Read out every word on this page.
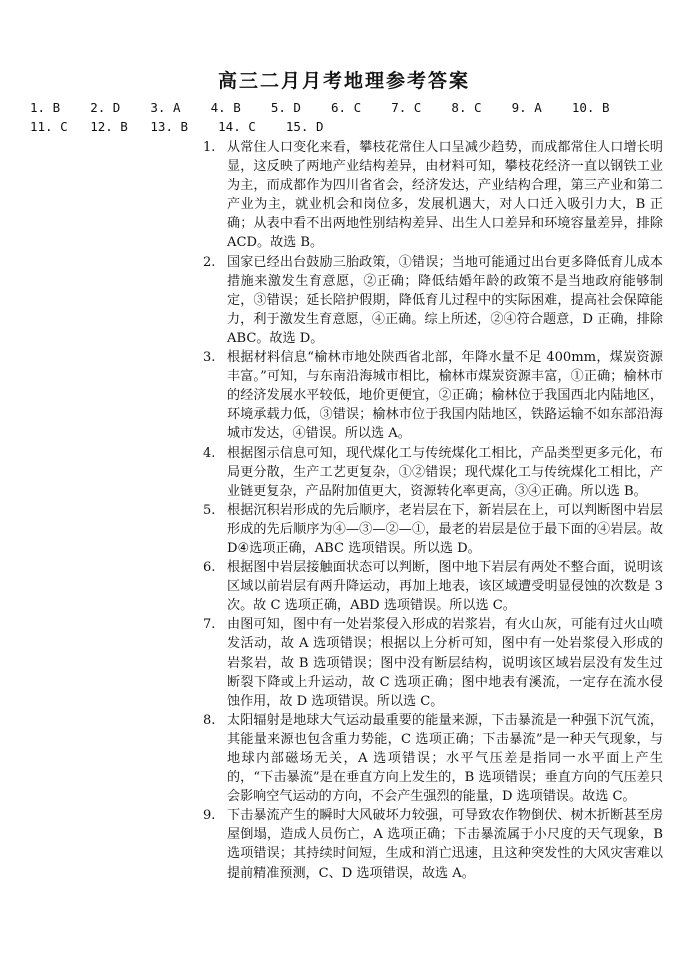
高三二月月考地理参考答案
1. B    2. D    3. A    4. B    5. D    6. C    7. C    8. C    9. A    10. B
11. C   12. B   13. B    14. C    15. D
1. 从常住人口变化来看，攀枝花常住人口呈减少趋势，而成都常住人口增长明显，这反映了两地产业结构差异，由材料可知，攀枝花经济一直以钢铁工业为主，而成都作为四川省省会，经济发达，产业结构合理，第三产业和第二产业为主，就业机会和岗位多，发展机遇大，对人口迁入吸引力大，B 正确；从表中看不出两地性别结构差异、出生人口差异和环境容量差异，排除 ACD。故选 B。
2. 国家已经出台鼓励三胎政策，①错误；当地可能通过出台更多降低育儿成本措施来激发生育意愿，②正确；降低结婚年龄的政策不是当地政府能够制定，③错误；延长陪护假期，降低育儿过程中的实际困难，提高社会保障能力，利于激发生育意愿，④正确。综上所述，②④符合题意，D 正确，排除 ABC。故选 D。
3. 根据材料信息“榆林市地处陕西省北部，年降水量不足 400mm，煤炭资源丰富。”可知，与东南沿海城市相比，榆林市煤炭资源丰富，①正确；榆林市的经济发展水平较低，地价更便宜，②正确；榆林位于我国西北内陆地区，环境承载力低，③错误；榆林市位于我国内陆地区，铁路运输不如东部沿海城市发达，④错误。所以选 A。
4. 根据图示信息可知，现代煤化工与传统煤化工相比，产品类型更多元化，布局更分散，生产工艺更复杂，①②错误；现代煤化工与传统煤化工相比，产业链更复杂，产品附加值更大，资源转化率更高，③④正确。所以选 B。
5. 根据沉积岩形成的先后顺序，老岩层在下，新岩层在上，可以判断图中岩层形成的先后顺序为④—③—②—①，最老的岩层是位于最下面的④岩层。故 D④选项正确，ABC 选项错误。所以选 D。
6. 根据图中岩层接触面状态可以判断，图中地下岩层有两处不整合面，说明该区域以前岩层有两升降运动，再加上地表，该区域遭受明显侵蚀的次数是 3 次。故 C 选项正确，ABD 选项错误。所以选 C。
7. 由图可知，图中有一处岩浆侵入形成的岩浆岩，有火山灰，可能有过火山喷发活动，故 A 选项错误；根据以上分析可知，图中有一处岩浆侵入形成的岩浆岩，故 B 选项错误；图中没有断层结构，说明该区域岩层没有发生过断裂下降或上升运动，故 C 选项正确；图中地表有溪流，一定存在流水侵蚀作用，故 D 选项错误。所以选 C。
8. 太阳辐射是地球大气运动最重要的能量来源，下击暴流是一种强下沉气流，其能量来源也包含重力势能，C 选项正确；下击暴流”是一种天气现象，与地球内部磁场无关，A 选项错误；水平气压差是指同一水平面上产生的，“下击暴流”是在垂直方向上发生的，B 选项错误；垂直方向的气压差只会影响空气运动的方向，不会产生强烈的能量，D 选项错误。故选 C。
9. 下击暴流产生的瞬时大风破坏力较强，可导致农作物倒伏、树木折断甚至房屋倒塌，造成人员伤亡，A 选项正确；下击暴流属于小尺度的天气现象，B 选项错误；其持续时间短，生成和消亡迅速，且这种突发性的大风灾害难以提前精准预测，C、D 选项错误，故选 A。
